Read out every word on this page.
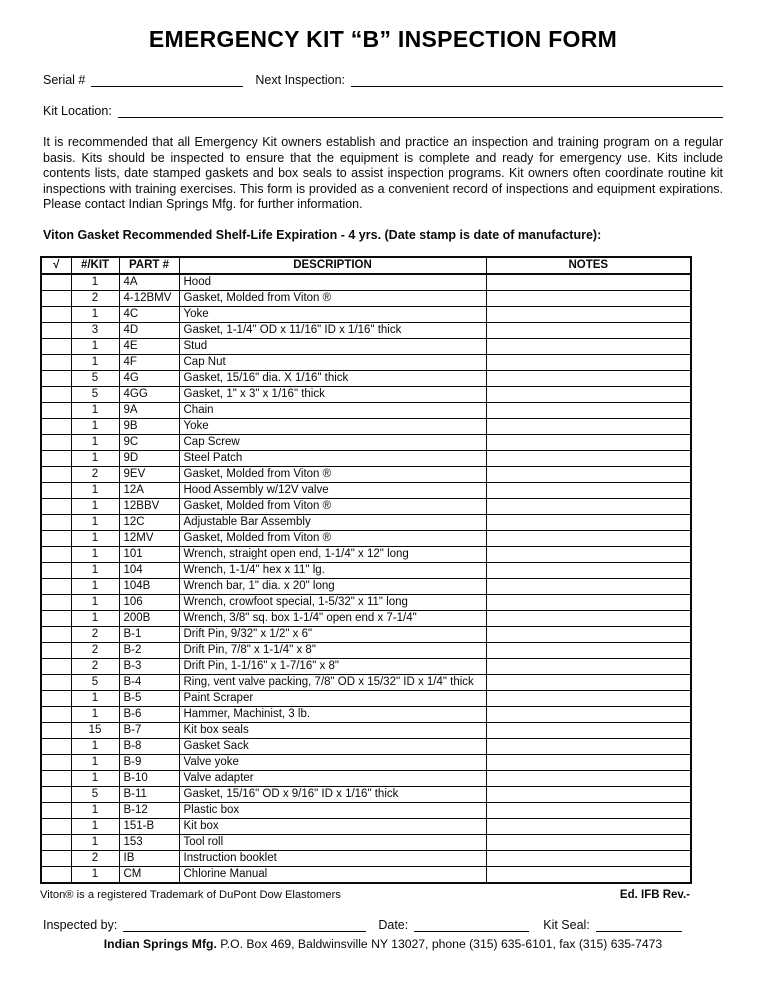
EMERGENCY KIT “B” INSPECTION FORM
Serial #	Next Inspection:
Kit Location:
It is recommended that all Emergency Kit owners establish and practice an inspection and training program on a regular basis. Kits should be inspected to ensure that the equipment is complete and ready for emergency use. Kits include contents lists, date stamped gaskets and box seals to assist inspection programs. Kit owners often coordinate routine kit inspections with training exercises. This form is provided as a convenient record of inspections and equipment expirations. Please contact Indian Springs Mfg. for further information.
Viton Gasket Recommended Shelf-Life Expiration - 4 yrs. (Date stamp is date of manufacture):
√	#/KIT	PART #	DESCRIPTION	NOTES
	1	4A	Hood	
	2	4-12BMV	Gasket, Molded from Viton ®	
	1	4C	Yoke	
	3	4D	Gasket, 1-1/4" OD x 11/16" ID x 1/16" thick	
	1	4E	Stud	
	1	4F	Cap Nut	
	5	4G	Gasket, 15/16" dia. X 1/16" thick	
	5	4GG	Gasket, 1" x 3" x 1/16" thick	
	1	9A	Chain	
	1	9B	Yoke	
	1	9C	Cap Screw	
	1	9D	Steel Patch	
	2	9EV	Gasket, Molded from Viton ®	
	1	12A	Hood Assembly w/12V valve	
	1	12BBV	Gasket, Molded from Viton ®	
	1	12C	Adjustable Bar Assembly	
	1	12MV	Gasket, Molded from Viton ®	
	1	101	Wrench, straight open end, 1-1/4" x 12" long	
	1	104	Wrench, 1-1/4" hex x 11" lg.	
	1	104B	Wrench bar, 1" dia. x 20" long	
	1	106	Wrench, crowfoot special, 1-5/32" x 11" long	
	1	200B	Wrench, 3/8" sq. box 1-1/4" open end x 7-1/4"	
	2	B-1	Drift Pin, 9/32" x 1/2" x 6"	
	2	B-2	Drift Pin, 7/8" x 1-1/4" x 8"	
	2	B-3	Drift Pin, 1-1/16" x 1-7/16" x 8"	
	5	B-4	Ring, vent valve packing, 7/8" OD x 15/32" ID x 1/4" thick	
	1	B-5	Paint Scraper	
	1	B-6	Hammer, Machinist, 3 lb.	
	15	B-7	Kit box seals	
	1	B-8	Gasket Sack	
	1	B-9	Valve yoke	
	1	B-10	Valve adapter	
	5	B-11	Gasket, 15/16" OD x 9/16" ID x 1/16" thick	
	1	B-12	Plastic box	
	1	151-B	Kit box	
	1	153	Tool roll	
	2	IB	Instruction booklet	
	1	CM	Chlorine Manual	
Viton® is a registered Trademark of DuPont Dow Elastomers	Ed. IFB Rev.-
Inspected by:	Date:	Kit Seal:
Indian Springs Mfg. P.O. Box 469, Baldwinsville NY 13027, phone (315) 635-6101, fax (315) 635-7473
